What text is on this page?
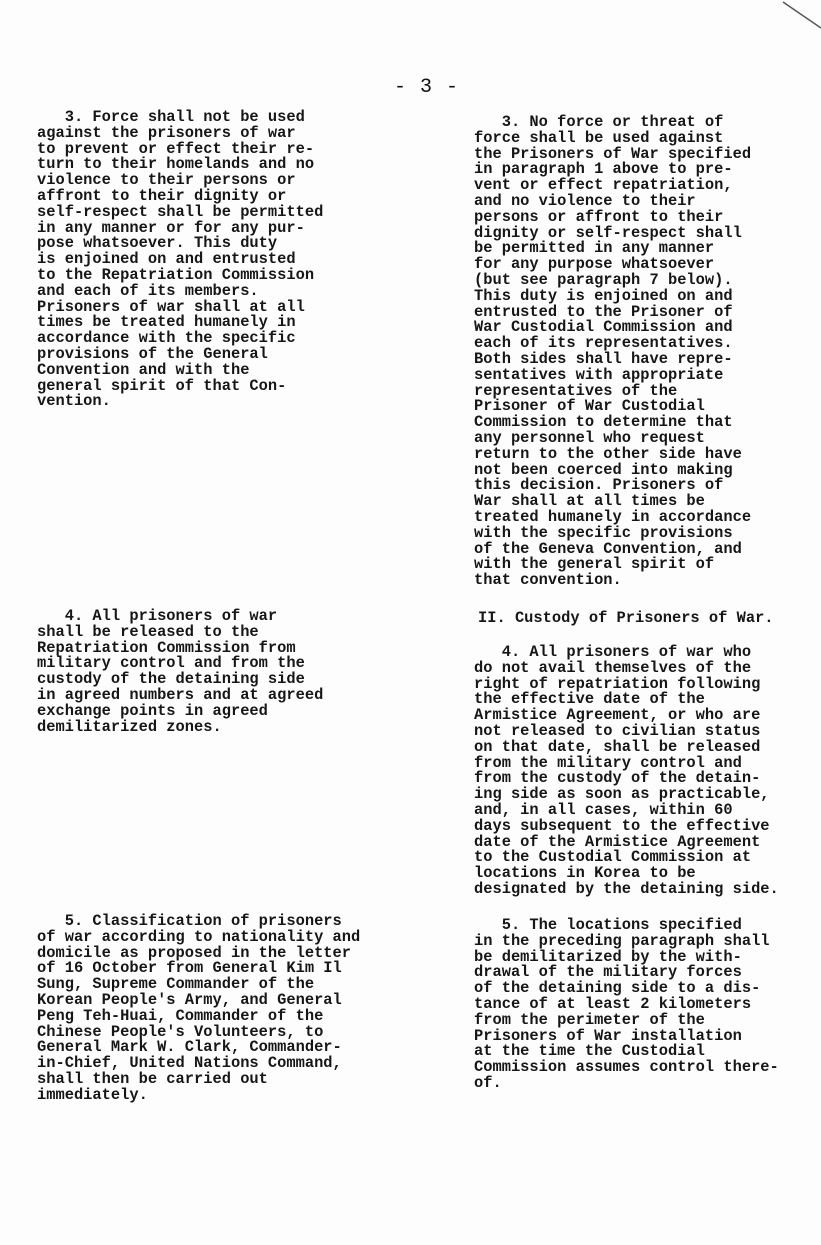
- 3 -

3. Force shall not be used
against the prisoners of war
to prevent or effect their re-
turn to their homelands and no
violence to their persons or
affront to their dignity or
self-respect shall be permitted
in any manner or for any pur-
pose whatsoever. This duty
is enjoined on and entrusted
to the Repatriation Commission
and each of its members.
Prisoners of war shall at all
times be treated humanely in
accordance with the specific
provisions of the General
Convention and with the
general spirit of that Con-
vention.

4. All prisoners of war
shall be released to the
Repatriation Commission from
military control and from the
custody of the detaining side
in agreed numbers and at agreed
exchange points in agreed
demilitarized zones.

5. Classification of prisoners
of war according to nationality and
domicile as proposed in the letter
of 16 October from General Kim Il
Sung, Supreme Commander of the
Korean People's Army, and General
Peng Teh-Huai, Commander of the
Chinese People's Volunteers, to
General Mark W. Clark, Commander-
in-Chief, United Nations Command,
shall then be carried out
immediately.

3. No force or threat of
force shall be used against
the Prisoners of War specified
in paragraph 1 above to pre-
vent or effect repatriation,
and no violence to their
persons or affront to their
dignity or self-respect shall
be permitted in any manner
for any purpose whatsoever
(but see paragraph 7 below).
This duty is enjoined on and
entrusted to the Prisoner of
War Custodial Commission and
each of its representatives.
Both sides shall have repre-
sentatives with appropriate
representatives of the
Prisoner of War Custodial
Commission to determine that
any personnel who request
return to the other side have
not been coerced into making
this decision. Prisoners of
War shall at all times be
treated humanely in accordance
with the specific provisions
of the Geneva Convention, and
with the general spirit of
that convention.

II. Custody of Prisoners of War.

4. All prisoners of war who
do not avail themselves of the
right of repatriation following
the effective date of the
Armistice Agreement, or who are
not released to civilian status
on that date, shall be released
from the military control and
from the custody of the detain-
ing side as soon as practicable,
and, in all cases, within 60
days subsequent to the effective
date of the Armistice Agreement
to the Custodial Commission at
locations in Korea to be
designated by the detaining side.

5. The locations specified
in the preceding paragraph shall
be demilitarized by the with-
drawal of the military forces
of the detaining side to a dis-
tance of at least 2 kilometers
from the perimeter of the
Prisoners of War installation
at the time the Custodial
Commission assumes control there-
of.
